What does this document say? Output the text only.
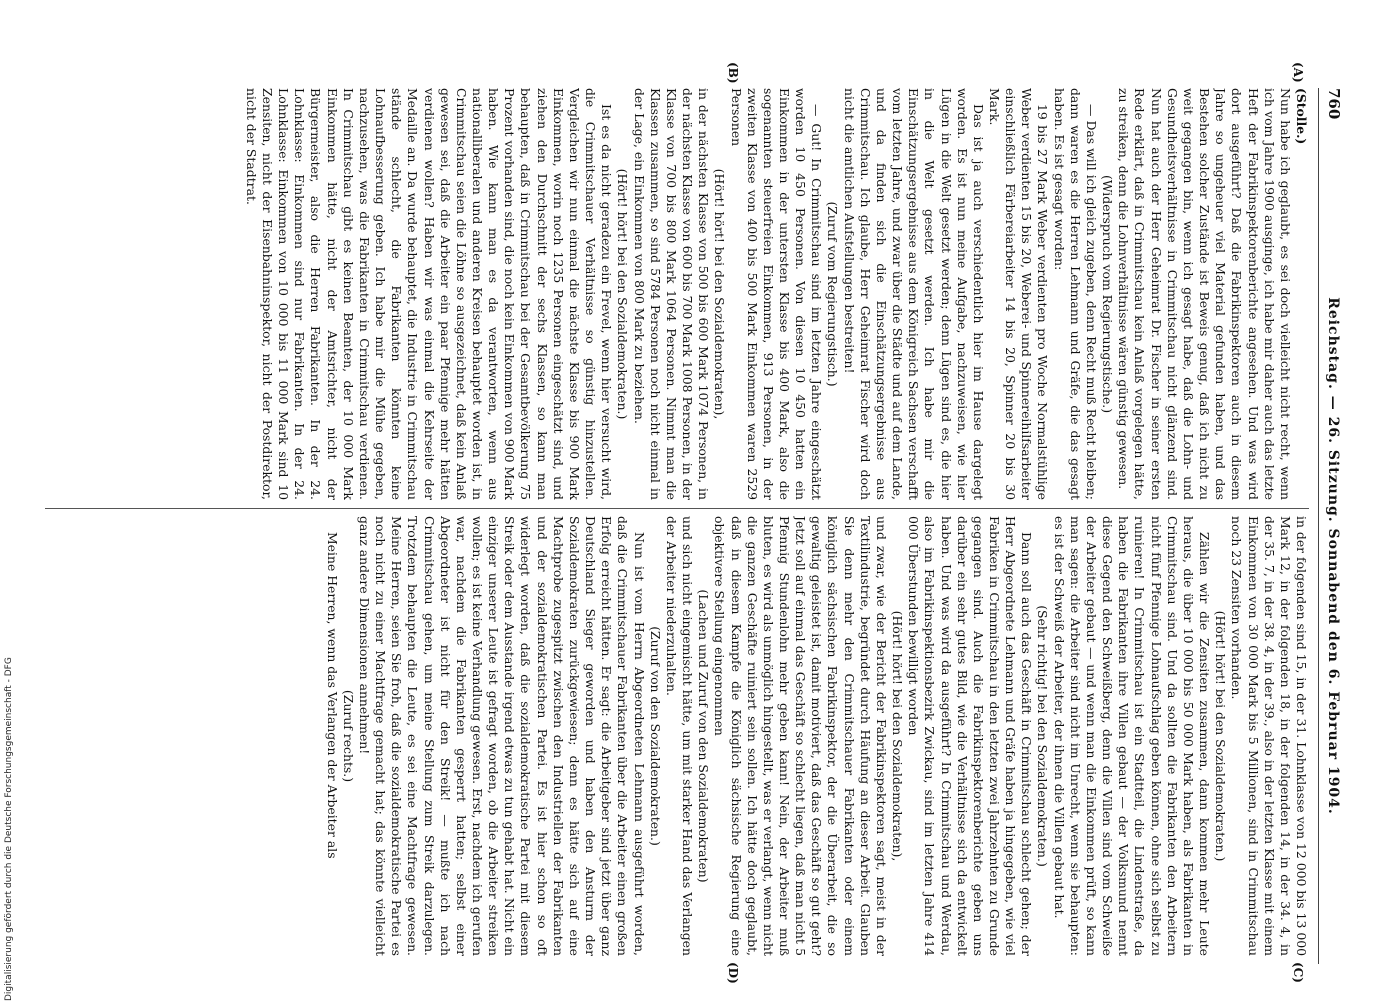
760
Reichstag. — 26. Sitzung. Sonnabend den 6. Februar 1904.
(A)
(B)
(C)
(D)

(Stolle.)

Nun habe ich geglaubt, es sei doch vielleicht nicht recht, wenn ich vom Jahre 1900 ausginge, ich habe mir daher auch das letzte Heft der Fabrikinspektorenberichte angesehen. Und was wird dort ausgeführt? Daß die Fabrikinspektoren auch in diesem Jahre so ungeheuer viel Material gefunden haben, und das Bestehen solcher Zustände ist Beweis genug, daß ich nicht zu weit gegangen bin, wenn ich gesagt habe, daß die Lohn- und Gesundheitsverhältnisse in Crimmitschau nicht glänzend sind. Nun hat auch der Herr Geheimrat Dr. Fischer in seiner ersten Rede erklärt, daß in Crimmitschau kein Anlaß vorgelegen hätte, zu streiken, denn die Lohnverhältnisse wären günstig gewesen.

(Widerspruch vom Regierungstische.)

— Das will ich gleich zugeben, denn Recht muß Recht bleiben; dann waren es die Herren Lehmann und Gräfe, die das gesagt haben. Es ist gesagt worden:

19 bis 27 Mark Weber verdienten pro Woche Normalstühlige Weber verdienten 15 bis 20, Weberei- und Spinnereihilfsarbeiter einschließlich Färbereiarbeiter 14 bis 20, Spinner 20 bis 30 Mark.

Das ist ja auch verschiedentlich hier im Hause dargelegt worden. Es ist nun meine Aufgabe, nachzuweisen, wie hier Lügen in die Welt gesetzt werden; denn Lügen sind es, die hier in die Welt gesetzt werden. Ich habe mir die Einschätzungsergebnisse aus dem Königreich Sachsen verschafft vom letzten Jahre, und zwar über die Städte und auf dem Lande, und da finden sich die Einschätzungsergebnisse aus Crimmitschau. Ich glaube, Herr Geheimrat Fischer wird doch nicht die amtlichen Aufstellungen bestreiten!

(Zuruf vom Regierungstisch.)

— Gut! In Crimmitschau sind im letzten Jahre eingeschätzt worden 10 450 Personen. Von diesen 10 450 hatten ein Einkommen in der untersten Klasse bis 400 Mark, also die sogenannten steuerfreien Einkommen, 913 Personen, in der zweiten Klasse von 400 bis 500 Mark Einkommen waren 2529 Personen

(Hört! hört! bei den Sozialdemokraten),

in der nächsten Klasse von 500 bis 600 Mark 1074 Personen, in der nächsten Klasse von 600 bis 700 Mark 1008 Personen, in der Klasse von 700 bis 800 Mark 1064 Personen. Nimmt man die Klassen zusammen, so sind 5784 Personen noch nicht einmal in der Lage, ein Einkommen von 800 Mark zu beziehen.

(Hört! hört! bei den Sozialdemokraten.)

Ist es da nicht geradezu ein Frevel, wenn hier versucht wird, die Crimmitschauer Verhältnisse so günstig hinzustellen. Vergleichen wir nun einmal die nächste Klasse bis 900 Mark Einkommen, worin noch 1235 Personen eingeschätzt sind, und ziehen den Durchschnitt der sechs Klassen, so kann man behaupten, daß in Crimmitschau bei der Gesamtbevölkerung 75 Prozent vorhanden sind, die noch kein Einkommen von 900 Mark haben. Wie kann man es da verantworten, wenn aus nationalliberalen und anderen Kreisen behauptet worden ist, in Crimmitschau seien die Löhne so ausgezeichnet, daß kein Anlaß gewesen sei, daß die Arbeiter ein paar Pfennige mehr hätten verdienen wollen? Haben wir was einmal die Kehrseite der Medaille an. Da wurde behauptet, die Industrie in Crimmitschau stände schlecht, die Fabrikanten könnten keine Lohnaufbesserung geben. Ich habe mir die Mühe gegeben, nachzusehen, was die Fabrikanten in Crimmitschau verdienen. In Crimmitschau gibt es keinen Beamten, der 10 000 Mark Einkommen hätte, nicht der Amtsrichter, nicht der Bürgermeister, also die Herren Fabrikanten. In der 24. Lohnklasse: Einkommen sind nur Fabrikanten. In der 24. Lohnklasse: Einkommen von 10 000 bis 11 000 Mark sind 10 Zensiten, nicht der Eisenbahninspektor, nicht der Postdirektor, nicht der Stadtrat.

in der folgenden sind 15, in der 31. Lohnklasse von 12 000 bis 13 000 Mark 12, in der folgenden 18, in der folgenden 14, in der 34. 4, in der 35. 7, in der 38. 4, in der 39., also in der letzten Klasse mit einem Einkommen von 30 000 Mark bis 5 Millionen, sind in Crimmitschau noch 23 Zensiten vorhanden.

(Hört! hört! bei den Sozialdemokraten.)

Zählen wir die Zensiten zusammen, dann kommen mehr Leute heraus, die über 10 000 bis 50 000 Mark haben, als Fabrikanten in Crimmitschau sind. Und da sollten die Fabrikanten den Arbeitern nicht fünf Pfennige Lohnaufschlag geben können, ohne sich selbst zu ruinieren! In Crimmitschau ist ein Stadtteil, die Lindenstraße, da haben die Fabrikanten ihre Villen gebaut — der Volksmund nennt diese Gegend den Schweißberg, denn die Villen sind vom Schweiße der Arbeiter gebaut — und wenn man die Einkommen prüft, so kann man sagen: die Arbeiter sind nicht im Unrecht, wenn sie behaupten: es ist der Schweiß der Arbeiter, der ihnen die Villen gebaut hat.

(Sehr richtig! bei den Sozialdemokraten.)

Dann soll auch das Geschäft in Crimmitschau schlecht gehen; der Herr Abgeordnete Lehmann und Gräfe haben ja hingegeben, wie viel Fabriken in Crimmitschau in den letzten zwei Jahrzehnten zu Grunde gegangen sind. Auch die Fabrikinspektorenberichte geben uns darüber ein sehr gutes Bild, wie die Verhältnisse sich da entwickelt haben. Und was wird da ausgeführt? In Crimmitschau und Werdau, also im Fabrikinspektionsbezirk Zwickau, sind im letzten Jahre 414 000 Überstunden bewilligt worden

(Hört! hört! bei den Sozialdemokraten),

und zwar, wie der Bericht der Fabrikinspektoren sagt, meist in der Textilindustrie, begründet durch Häufung an dieser Arbeit. Glauben Sie denn mehr den Crimmitschauer Fabrikanten oder einem königlich sächsischen Fabrikinspektor, der die Überarbeit, die so gewaltig geleistet ist, damit motiviert, daß das Geschäft so gut geht? Jetzt soll auf einmal das Geschäft so schlecht liegen, daß man nicht 5 Pfennig Stundenlohn mehr geben kann! Nein, der Arbeiter muß bluten, es wird als unmöglich hingestellt, was er verlangt, wenn nicht die ganzen Geschäfte ruiniert sein sollen. Ich hätte doch geglaubt, daß in diesem Kampfe die Königlich sächsische Regierung eine objektivere Stellung eingenommen

(Lachen und Zuruf von den Sozialdemokraten)

und sich nicht eingemischt hätte, um mit starker Hand das Verlangen der Arbeiter niederzuhalten.

(Zuruf von den Sozialdemokraten.)

Nun ist vom Herrn Abgeordneten Lehmann ausgeführt worden, daß die Crimmitschauer Fabrikanten über die Arbeiter einen großen Erfolg erreicht hätten. Er sagt: die Arbeitgeber sind jetzt über ganz Deutschland Sieger geworden und haben den Ansturm der Sozialdemokraten zurückgewiesen; denn es hätte sich auf eine Machtprobe zugespitzt zwischen den Industriellen der Fabrikanten und der sozialdemokratischen Partei. Es ist hier schon so oft widerlegt worden, daß die sozialdemokratische Partei mit diesem Streik oder dem Ausstande irgend etwas zu tun gehabt hat. Nicht ein einziger unserer Leute ist gefragt worden, ob die Arbeiter streiken wollen; es ist keine Verhandlung gewesen. Erst, nachdem ich gerufen war, nachdem die Fabrikanten gesperrt hatten; selbst einer Abgeordneter ist nicht für den Streik! — mußte ich nach Crimmitschau gehen, um meine Stellung zum Streik darzulegen. Trotzdem behaupten die Leute, es sei eine Machtfrage gewesen. Meine Herren, seien Sie froh, daß die sozialdemokratische Partei es noch nicht zu einer Machtfrage gemacht hat; das könnte vielleicht ganz andere Dimensionen annehmen!

(Zuruf rechts.)

Meine Herren, wenn das Verlangen der Arbeiter als

Digitalisierung gefördert durch die Deutsche Forschungsgemeinschaft - DFG
